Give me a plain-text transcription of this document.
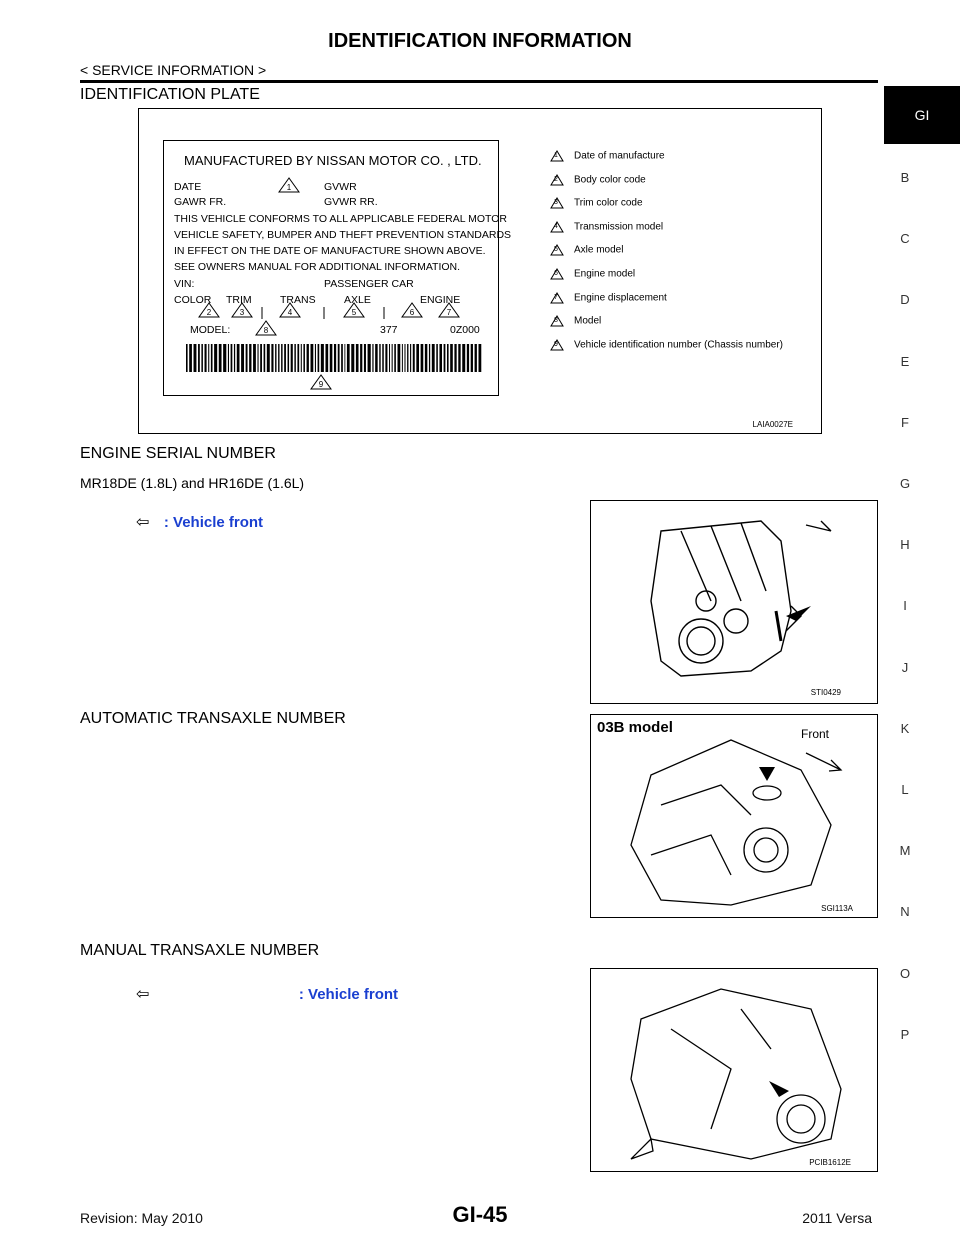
IDENTIFICATION INFORMATION
< SERVICE INFORMATION >
GI
B
C
D
E
F
G
H
I
J
K
L
M
N
O
P
IDENTIFICATION PLATE
LAIA0027E
MANUFACTURED BY NISSAN MOTOR CO. , LTD.
DATE	GVWR
GAWR FR.	GVWR RR.
THIS VEHICLE CONFORMS TO ALL APPLICABLE FEDERAL MOTOR
VEHICLE SAFETY, BUMPER AND THEFT PREVENTION STANDARDS
IN EFFECT ON THE DATE OF MANUFACTURE SHOWN ABOVE.
SEE OWNERS MANUAL FOR ADDITIONAL INFORMATION.
VIN:	PASSENGER CAR
COLOR TRIM	TRANS	AXLE	ENGINE
MODEL:	377	0Z000
1
2	3	4	5	6	7
8
9
1 Date of manufacture
2 Body color code
3 Trim color code
4 Transmission model
5 Axle model
6 Engine model
7 Engine displacement
8 Model
9 Vehicle identification number (Chassis number)
ENGINE SERIAL NUMBER
MR18DE (1.8L) and HR16DE (1.6L)
⇦ : Vehicle front
STI0429
AUTOMATIC TRANSAXLE NUMBER
03B model	Front
SGI113A
MANUAL TRANSAXLE NUMBER
⇦	: Vehicle front
PCIB1612E
Revision: May 2010	GI-45	2011 Versa
